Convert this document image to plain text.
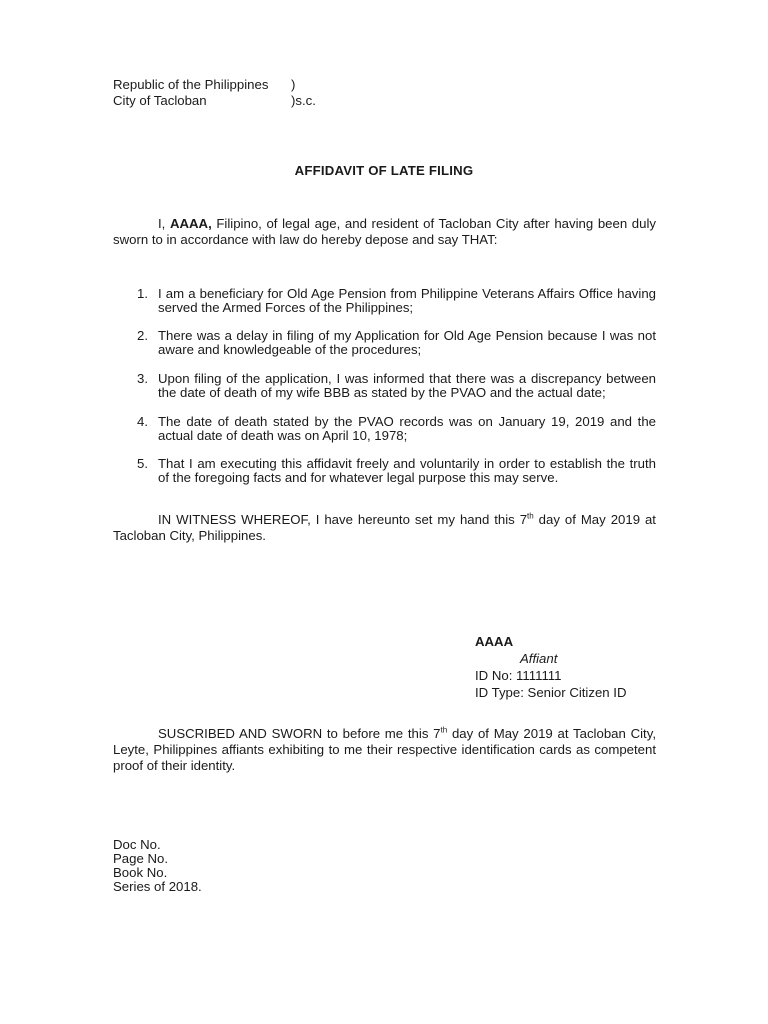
Republic of the Philippines	)
City of Tacloban	)s.c.
AFFIDAVIT OF LATE FILING
I, AAAA, Filipino, of legal age, and resident of Tacloban City after having been duly sworn to in accordance with law do hereby depose and say THAT:
1. I am a beneficiary for Old Age Pension from Philippine Veterans Affairs Office having served the Armed Forces of the Philippines;
2. There was a delay in filing of my Application for Old Age Pension because I was not aware and knowledgeable of the procedures;
3. Upon filing of the application, I was informed that there was a discrepancy between the date of death of my wife BBB as stated by the PVAO and the actual date;
4. The date of death stated by the PVAO records was on January 19, 2019 and the actual date of death was on April 10, 1978;
5. That I am executing this affidavit freely and voluntarily in order to establish the truth of the foregoing facts and for whatever legal purpose this may serve.
IN WITNESS WHEREOF, I have hereunto set my hand this 7th day of May 2019 at Tacloban City, Philippines.
AAAA
Affiant
ID No: 1111111
ID Type: Senior Citizen ID
SUSCRIBED AND SWORN to before me this 7th day of May 2019 at Tacloban City, Leyte, Philippines affiants exhibiting to me their respective identification cards as competent proof of their identity.
Doc No.
Page No.
Book No.
Series of 2018.
